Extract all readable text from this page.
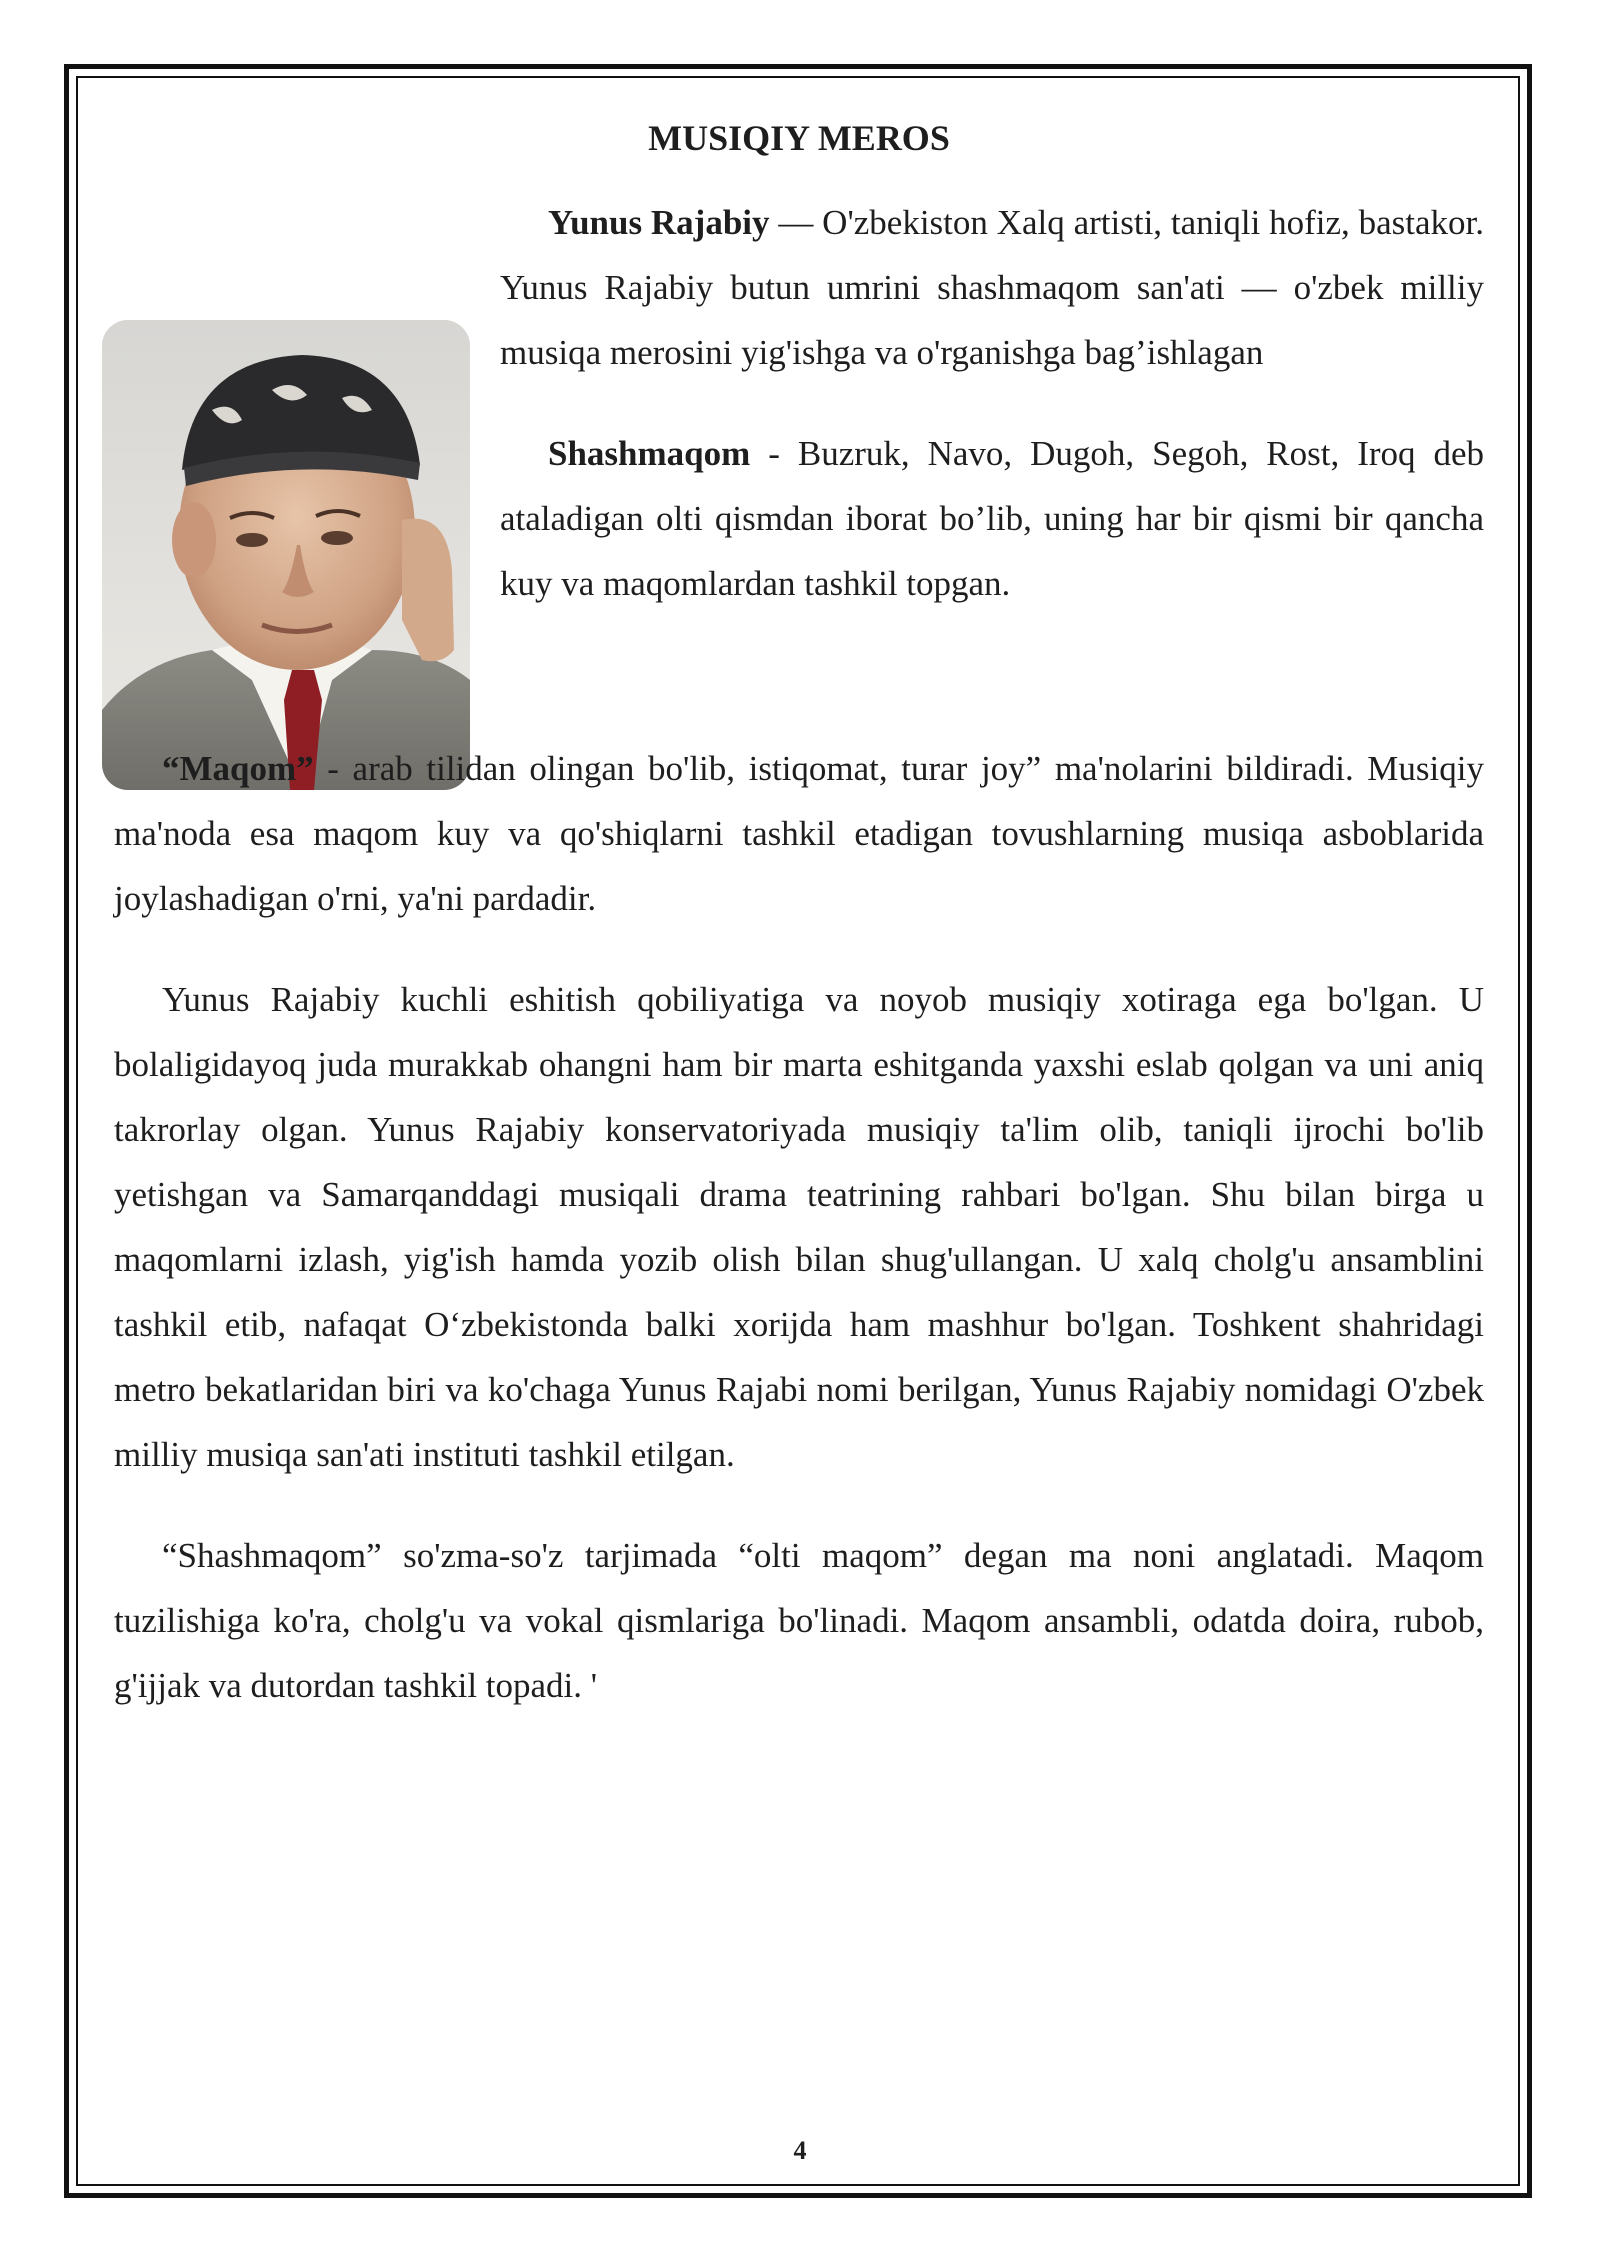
MUSIQIY MEROS

Yunus Rajabiy — O'zbekiston Xalq artisti, taniqli hofiz, bastakor. Yunus Rajabiy butun umrini shashmaqom san'ati — o'zbek milliy musiqa merosini yig'ishga va o'rganishga bag’ishlagan

Shashmaqom - Buzruk, Navo, Dugoh, Segoh, Rost, Iroq deb ataladigan olti qismdan iborat bo’lib, uning har bir qismi bir qancha kuy va maqomlardan tashkil topgan.

“Maqom” - arab tilidan olingan bo'lib, istiqomat, turar joy” ma'nolarini bildiradi. Musiqiy ma'noda esa maqom kuy va qo'shiqlarni tashkil etadigan tovushlarning musiqa asboblarida joylashadigan o'rni, ya'ni pardadir.

Yunus Rajabiy kuchli eshitish qobiliyatiga va noyob musiqiy xotiraga ega bo'lgan. U bolaligidayoq juda murakkab ohangni ham bir marta eshitganda yaxshi eslab qolgan va uni aniq takrorlay olgan. Yunus Rajabiy konservatoriyada musiqiy ta'lim olib, taniqli ijrochi bo'lib yetishgan va Samarqanddagi musiqali drama teatrining rahbari bo'lgan. Shu bilan birga u maqomlarni izlash, yig'ish hamda yozib olish bilan shug'ullangan. U xalq cholg'u ansamblini tashkil etib, nafaqat O‘zbekistonda balki xorijda ham mashhur bo'lgan. Toshkent shahridagi metro bekatlaridan biri va ko'chaga Yunus Rajabi nomi berilgan, Yunus Rajabiy nomidagi O'zbek milliy musiqa san'ati instituti tashkil etilgan.

“Shashmaqom” so'zma-so'z tarjimada “olti maqom” degan ma noni anglatadi. Maqom tuzilishiga ko'ra, cholg'u va vokal qismlariga bo'linadi. Maqom ansambli, odatda doira, rubob, g'ijjak va dutordan tashkil topadi. '

4
